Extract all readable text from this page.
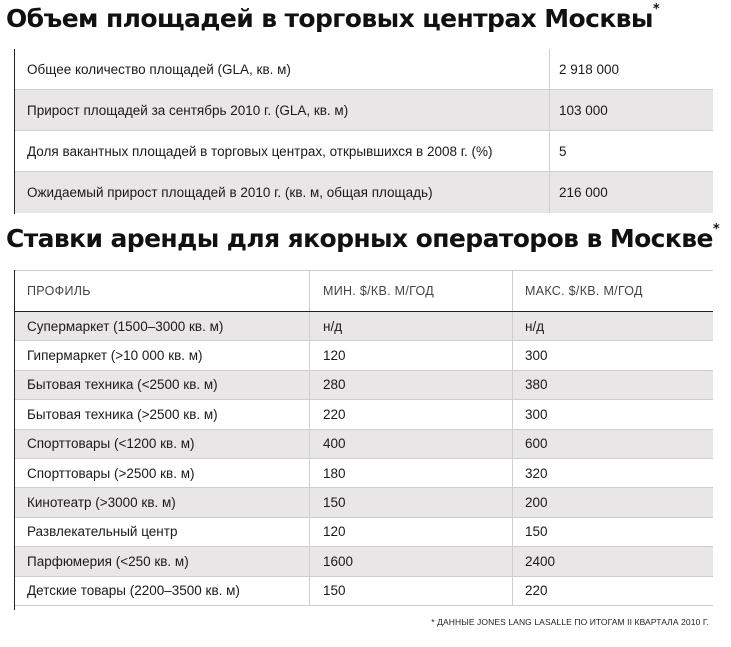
Объем площадей в торговых центрах Москвы*
Общее количество площадей (GLA, кв. м)	2 918 000
Прирост площадей за сентябрь 2010 г. (GLA, кв. м)	103 000
Доля вакантных площадей в торговых центрах, открывшихся в 2008 г. (%)	5
Ожидаемый прирост площадей в 2010 г. (кв. м, общая площадь)	216 000
Ставки аренды для якорных операторов в Москве*
ПРОФИЛЬ	МИН. $/КВ. М/ГОД	МАКС. $/КВ. М/ГОД
Супермаркет (1500–3000 кв. м)	н/д	н/д
Гипермаркет (>10 000 кв. м)	120	300
Бытовая техника (<2500 кв. м)	280	380
Бытовая техника (>2500 кв. м)	220	300
Спорттовары (<1200 кв. м)	400	600
Спорттовары (>2500 кв. м)	180	320
Кинотеатр (>3000 кв. м)	150	200
Развлекательный центр	120	150
Парфюмерия (<250 кв. м)	1600	2400
Детские товары (2200–3500 кв. м)	150	220
* ДАННЫЕ JONES LANG LASALLE ПО ИТОГАМ II КВАРТАЛА 2010 Г.
